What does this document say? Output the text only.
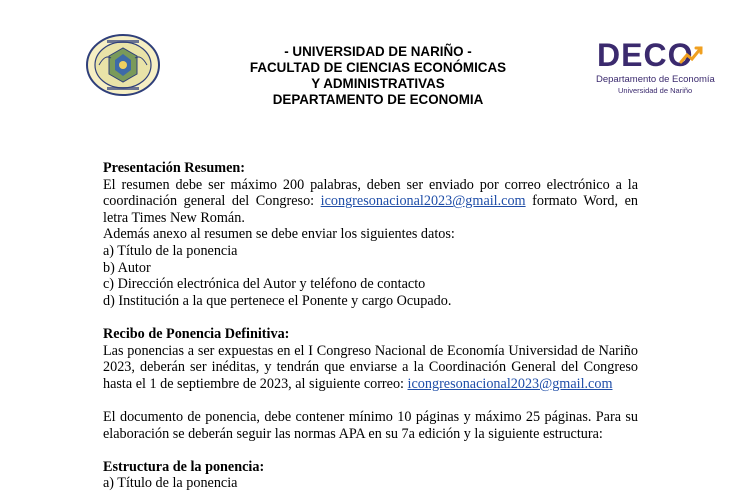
- UNIVERSIDAD DE NARIÑO -
FACULTAD DE CIENCIAS ECONÓMICAS
Y ADMINISTRATIVAS
DEPARTAMENTO DE ECONOMIA
DECO
Departamento de Economía
Universidad de Nariño

Presentación Resumen:

El resumen debe ser máximo 200 palabras, deben ser enviado por correo electrónico a la coordinación general del Congreso: icongresonacional2023@gmail.com formato Word, en letra Times New Román.

Además anexo al resumen se debe enviar los siguientes datos:

a) Título de la ponencia

b) Autor

c) Dirección electrónica del Autor y teléfono de contacto

d) Institución a la que pertenece el Ponente y cargo Ocupado.

Recibo de Ponencia Definitiva:

Las ponencias a ser expuestas en el I Congreso Nacional de Economía Universidad de Nariño 2023, deberán ser inéditas, y tendrán que enviarse a la Coordinación General del Congreso hasta el 1 de septiembre de 2023, al siguiente correo: icongresonacional2023@gmail.com

El documento de ponencia, debe contener mínimo 10 páginas y máximo 25 páginas. Para su elaboración se deberán seguir las normas APA en su 7a edición y la siguiente estructura:

Estructura de la ponencia:

a) Título de la ponencia
